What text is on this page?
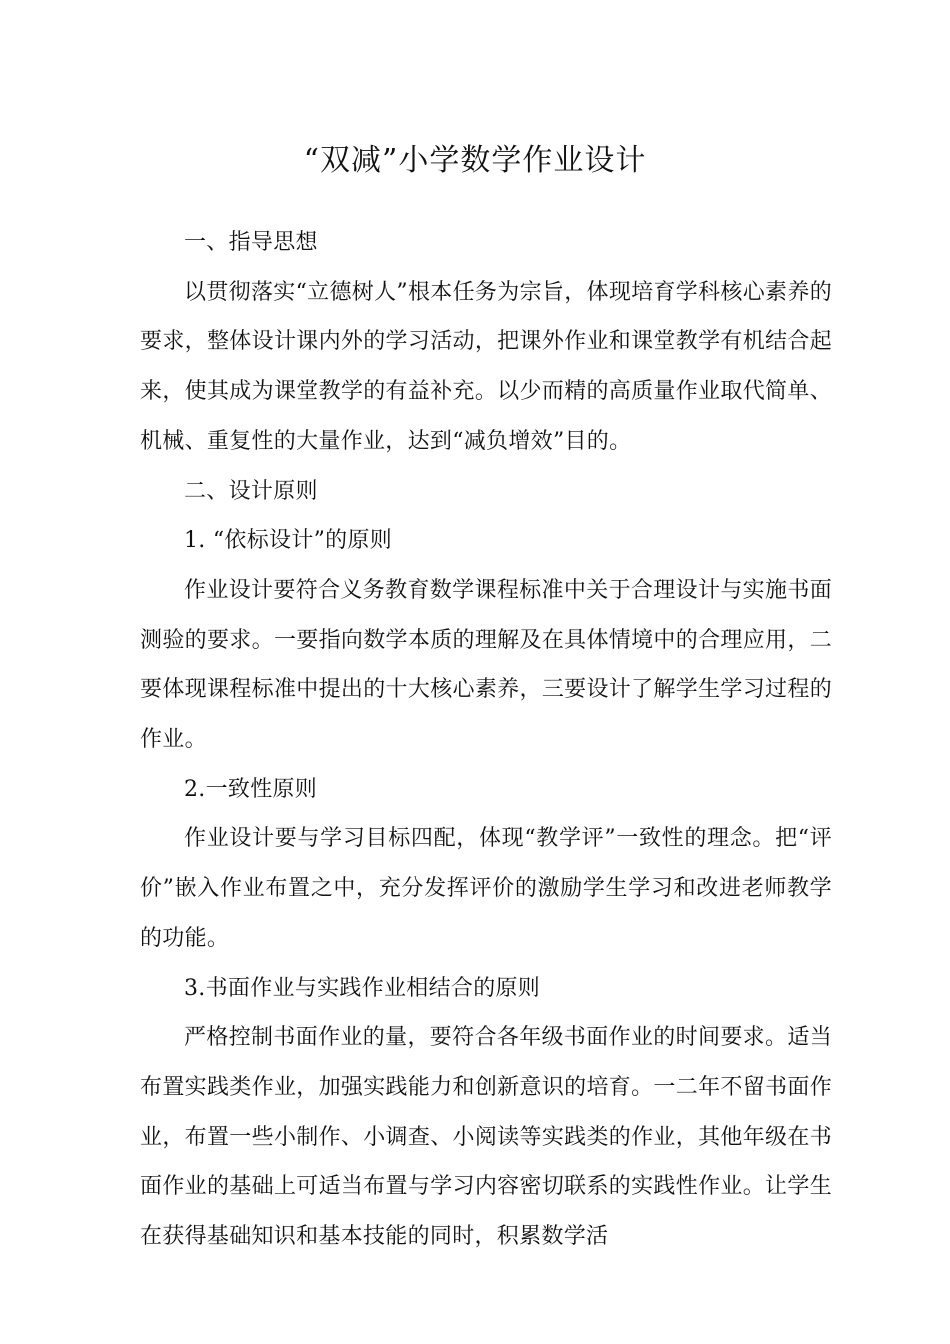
“双减”小学数学作业设计
一、指导思想

以贯彻落实“立德树人”根本任务为宗旨，体现培育学科核心素养的要求，整体设计课内外的学习活动，把课外作业和课堂教学有机结合起来，使其成为课堂教学的有益补充。以少而精的高质量作业取代简单、机械、重复性的大量作业，达到“减负增效”目的。

二、设计原则
1. “依标设计”的原则

作业设计要符合义务教育数学课程标准中关于合理设计与实施书面测验的要求。一要指向数学本质的理解及在具体情境中的合理应用，二要体现课程标准中提出的十大核心素养，三要设计了解学生学习过程的作业。

2.一致性原则

作业设计要与学习目标四配，体现“教学评”一致性的理念。把“评价”嵌入作业布置之中，充分发挥评价的激励学生学习和改进老师教学的功能。

3.书面作业与实践作业相结合的原则

严格控制书面作业的量，要符合各年级书面作业的时间要求。适当布置实践类作业，加强实践能力和创新意识的培育。一二年不留书面作业，布置一些小制作、小调查、小阅读等实践类的作业，其他年级在书面作业的基础上可适当布置与学习内容密切联系的实践性作业。让学生在获得基础知识和基本技能的同时，积累数学活
